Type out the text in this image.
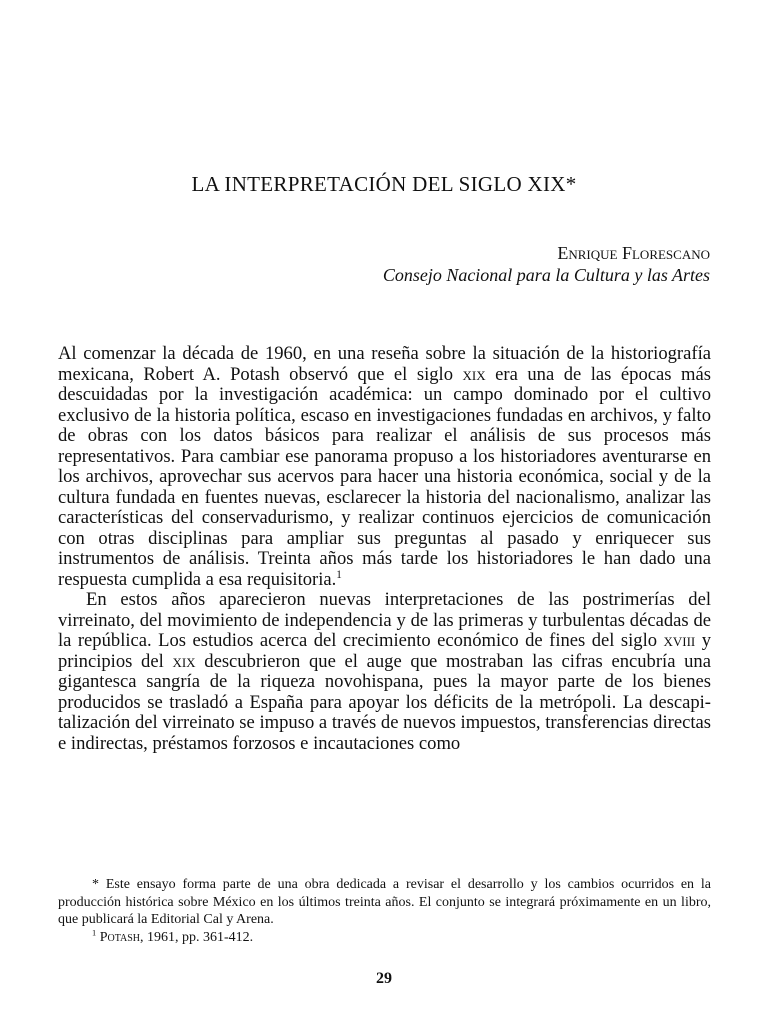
LA INTERPRETACIÓN DEL SIGLO XIX*
Enrique Florescano
Consejo Nacional para la Cultura y las Artes

Al comenzar la década de 1960, en una reseña sobre la situación de la historiografía mexicana, Robert A. Potash observó que el siglo xix era una de las épocas más descuidadas por la investigación académica: un campo dominado por el cultivo exclusivo de la historia política, escaso en investigaciones fundadas en archivos, y falto de obras con los datos básicos para realizar el análisis de sus procesos más representativos. Para cambiar ese panorama propuso a los historiadores aventurarse en los archivos, aprovechar sus acervos para hacer una historia económica, social y de la cultura fundada en fuentes nuevas, esclarecer la historia del nacionalismo, analizar las características del conservadurismo, y realizar continuos ejercicios de comunicación con otras disciplinas para ampliar sus preguntas al pasado y enriquecer sus instrumentos de análisis. Treinta años más tarde los historiadores le han dado una respuesta cumplida a esa requisitoria.$^1$

En estos años aparecieron nuevas interpretaciones de las postrimerías del virreinato, del movimiento de independencia y de las primeras y turbulentas décadas de la república. Los estudios acerca del crecimiento económico de fines del siglo xviii y principios del xix descubrieron que el auge que mostraban las cifras encubría una gigantesca sangría de la riqueza novohispana, pues la mayor parte de los bienes producidos se trasladó a España para apoyar los déficits de la metrópoli. La descapitalización del virreinato se impuso a través de nuevos impuestos, transferencias directas e indirectas, préstamos forzosos e incautaciones como

* Este ensayo forma parte de una obra dedicada a revisar el desarrollo y los cambios ocurridos en la producción histórica sobre México en los últimos treinta años. El conjunto se integrará próximamente en un libro, que publicará la Editorial Cal y Arena.

$^1$ Potash, 1961, pp. 361-412.

29
